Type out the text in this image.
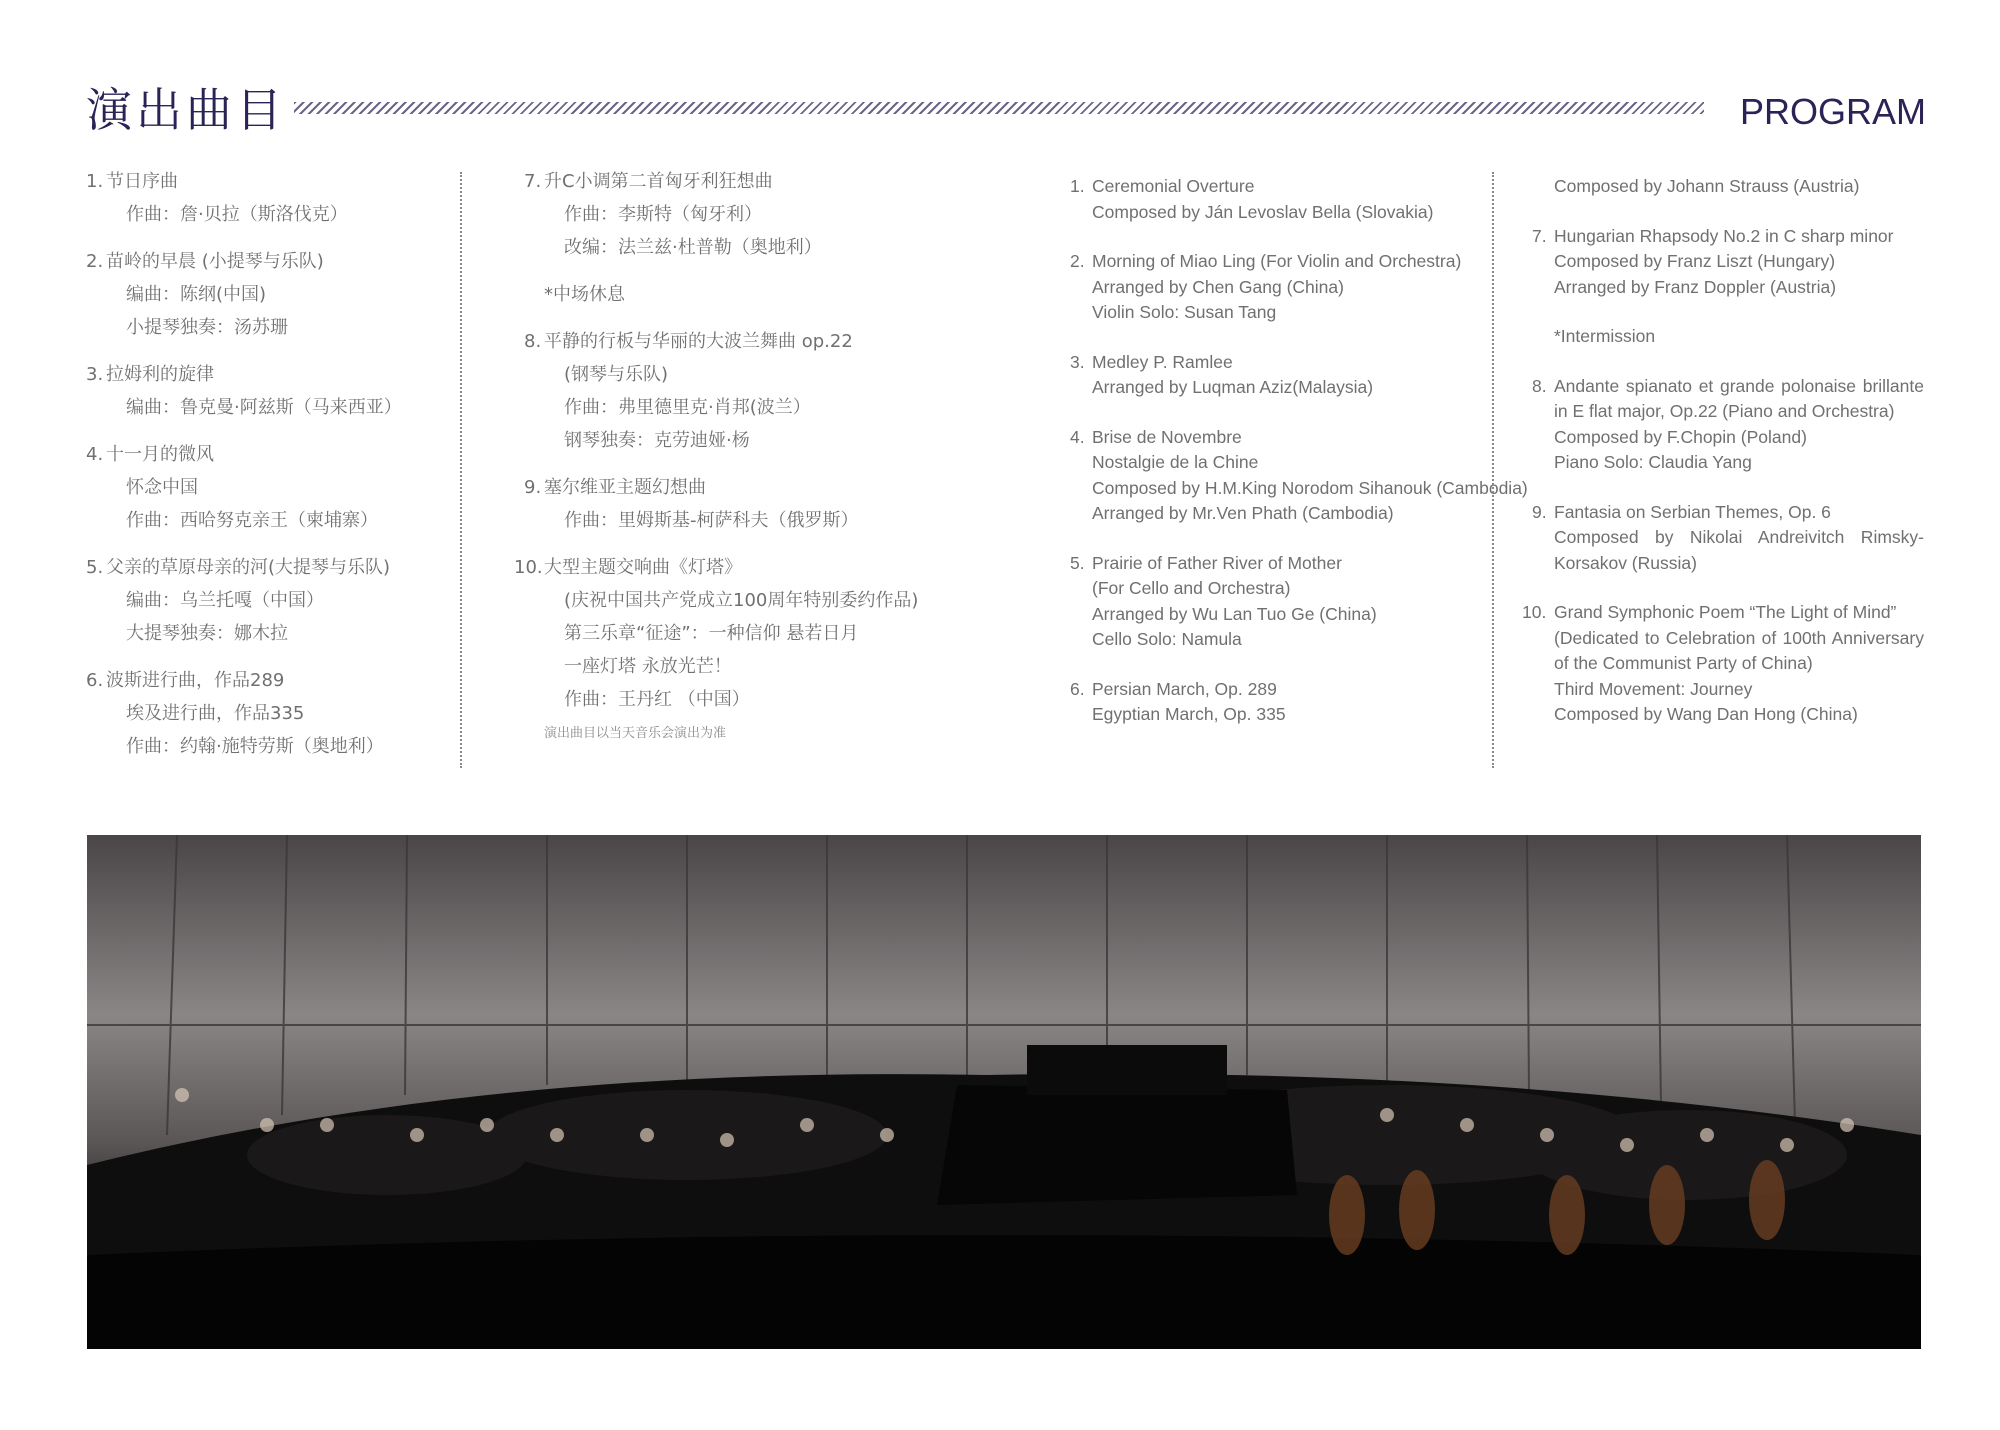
演出曲目	PROGRAM
1. 节日序曲
作曲：詹·贝拉（斯洛伐克）
2. 苗岭的早晨 (小提琴与乐队)
编曲：陈纲(中国)
小提琴独奏：汤苏珊
3. 拉姆利的旋律
编曲：鲁克曼·阿兹斯（马来西亚）
4. 十一月的微风
怀念中国
作曲：西哈努克亲王（柬埔寨）
5. 父亲的草原母亲的河(大提琴与乐队)
编曲：乌兰托嘎（中国）
大提琴独奏：娜木拉
6. 波斯进行曲，作品289
埃及进行曲，作品335
作曲：约翰·施特劳斯（奥地利）
7. 升C小调第二首匈牙利狂想曲
作曲：李斯特（匈牙利）
改编：法兰兹·杜普勒（奥地利）
*中场休息
8. 平静的行板与华丽的大波兰舞曲 op.22
(钢琴与乐队)
作曲：弗里德里克·肖邦(波兰）
钢琴独奏：克劳迪娅·杨
9. 塞尔维亚主题幻想曲
作曲：里姆斯基-柯萨科夫（俄罗斯）
10. 大型主题交响曲《灯塔》
(庆祝中国共产党成立100周年特别委约作品)
第三乐章“征途”：一种信仰 悬若日月
一座灯塔 永放光芒！
作曲：王丹红 （中国）
演出曲目以当天音乐会演出为准
1. Ceremonial Overture
Composed by Ján Levoslav Bella (Slovakia)
2. Morning of Miao Ling (For Violin and Orchestra)
Arranged by Chen Gang (China)
Violin Solo: Susan Tang
3. Medley P. Ramlee
Arranged by Luqman Aziz(Malaysia)
4. Brise de Novembre
Nostalgie de la Chine
Composed by H.M.King Norodom Sihanouk (Cambodia)
Arranged by Mr.Ven Phath (Cambodia)
5. Prairie of Father River of Mother
(For Cello and Orchestra)
Arranged by Wu Lan Tuo Ge (China)
Cello Solo: Namula
6. Persian March, Op. 289
Egyptian March, Op. 335
Composed by Johann Strauss (Austria)
7. Hungarian Rhapsody No.2 in C sharp minor
Composed by Franz Liszt (Hungary)
Arranged by Franz Doppler (Austria)
*Intermission
8. Andante spianato et grande polonaise brillante in E flat major, Op.22 (Piano and Orchestra)
Composed by F.Chopin (Poland)
Piano Solo: Claudia Yang
9. Fantasia on Serbian Themes, Op. 6
Composed by Nikolai Andreivitch Rimsky-Korsakov (Russia)
10. Grand Symphonic Poem “The Light of Mind”
(Dedicated to Celebration of 100th Anniversary of the Communist Party of China)
Third Movement: Journey
Composed by Wang Dan Hong (China)
